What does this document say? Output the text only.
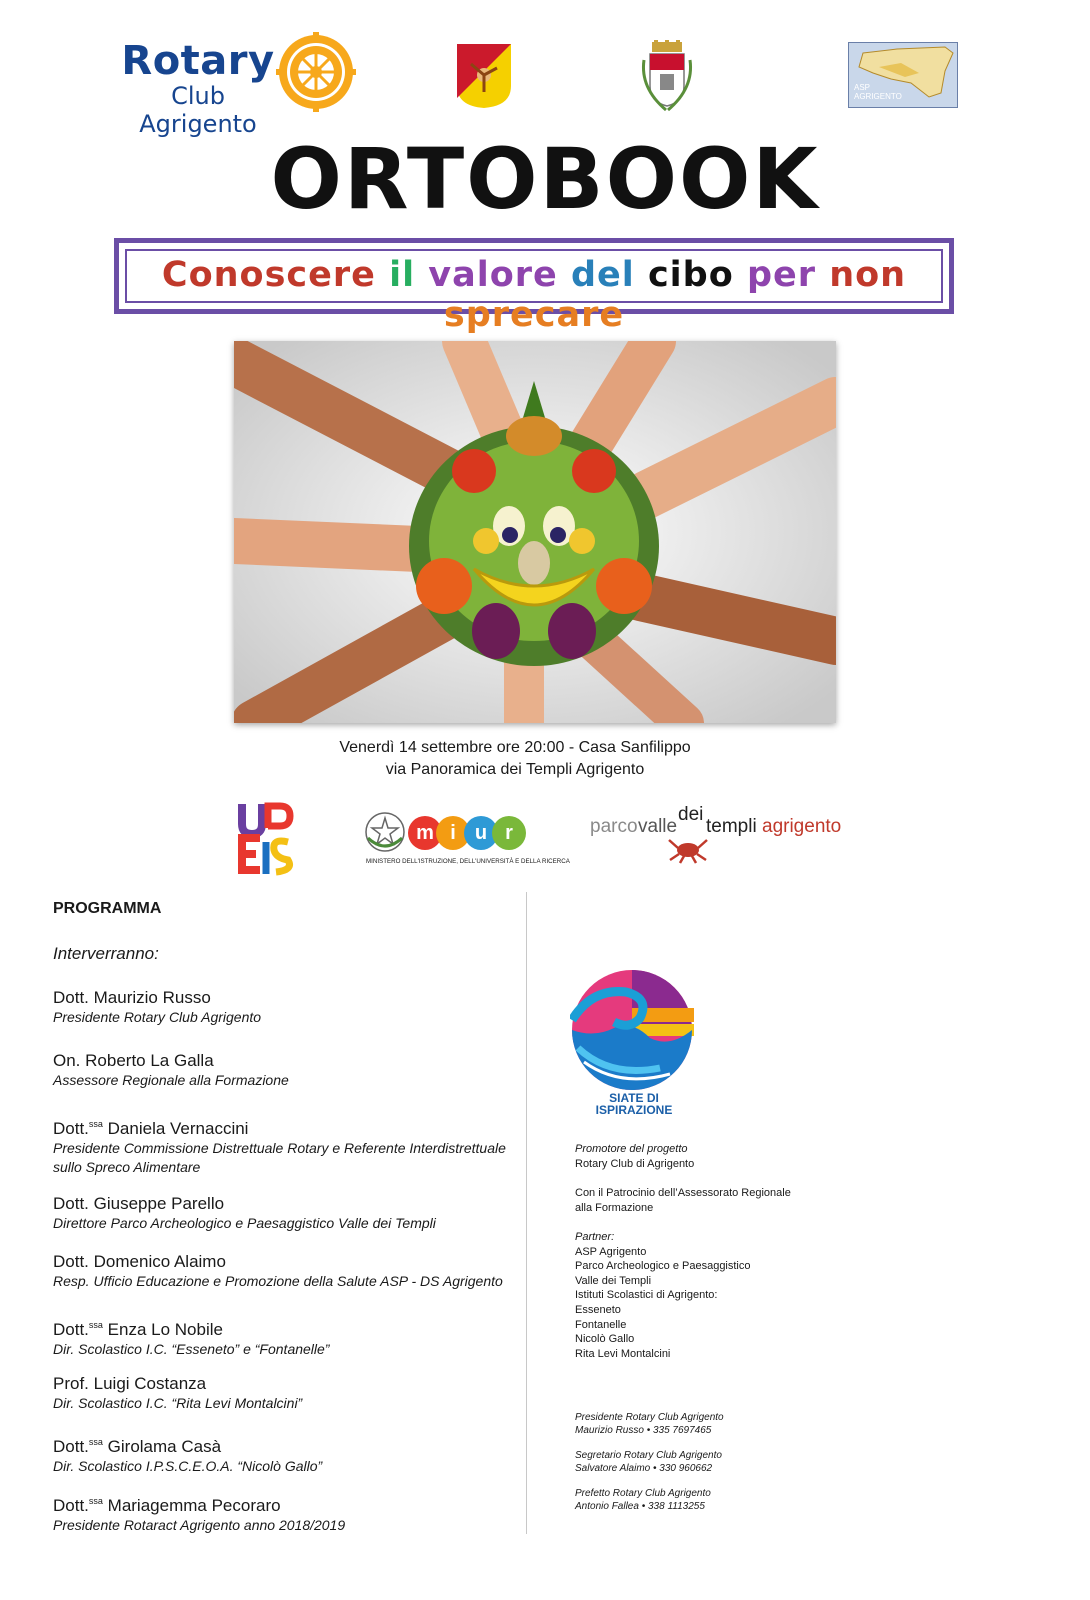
Rotary
Club Agrigento
ASP
AGRIGENTO
ORTOBOOK
Conoscere il valore del cibo per non sprecare
Venerdì 14 settembre ore 20:00 - Casa Sanfilippo
via Panoramica dei Templi Agrigento
m i u r
MINISTERO DELL'ISTRUZIONE, DELL'UNIVERSITÀ E DELLA RICERCA
parco valle
dei
templi agrigento
PROGRAMMA
Interverranno:
Dott. Maurizio Russo
Presidente Rotary Club Agrigento
On. Roberto La Galla
Assessore Regionale alla Formazione
Dott.$^{ssa}$ Daniela Vernaccini
Presidente Commissione Distrettuale Rotary e Referente Interdistrettuale sullo Spreco Alimentare
Dott. Giuseppe Parello
Direttore Parco Archeologico e Paesaggistico Valle dei Templi
Dott. Domenico Alaimo
Resp. Ufficio Educazione e Promozione della Salute ASP - DS Agrigento
Dott.$^{ssa}$ Enza Lo Nobile
Dir. Scolastico I.C. “Esseneto” e “Fontanelle”
Prof. Luigi Costanza
Dir. Scolastico I.C. “Rita Levi Montalcini”
Dott.$^{ssa}$ Girolama Casà
Dir. Scolastico I.P.S.C.E.O.A. “Nicolò Gallo”
Dott.$^{ssa}$ Mariagemma Pecoraro
Presidente Rotaract Agrigento anno 2018/2019
SIATE DI
ISPIRAZIONE
Promotore del progetto
Rotary Club di Agrigento
Con il Patrocinio dell’Assessorato Regionale
alla Formazione
Partner:
ASP Agrigento
Parco Archeologico e Paesaggistico
Valle dei Templi
Istituti Scolastici di Agrigento:
Esseneto
Fontanelle
Nicolò Gallo
Rita Levi Montalcini
Presidente Rotary Club Agrigento
Maurizio Russo • 335 7697465
Segretario Rotary Club Agrigento
Salvatore Alaimo • 330 960662
Prefetto Rotary Club Agrigento
Antonio Fallea • 338 1113255
